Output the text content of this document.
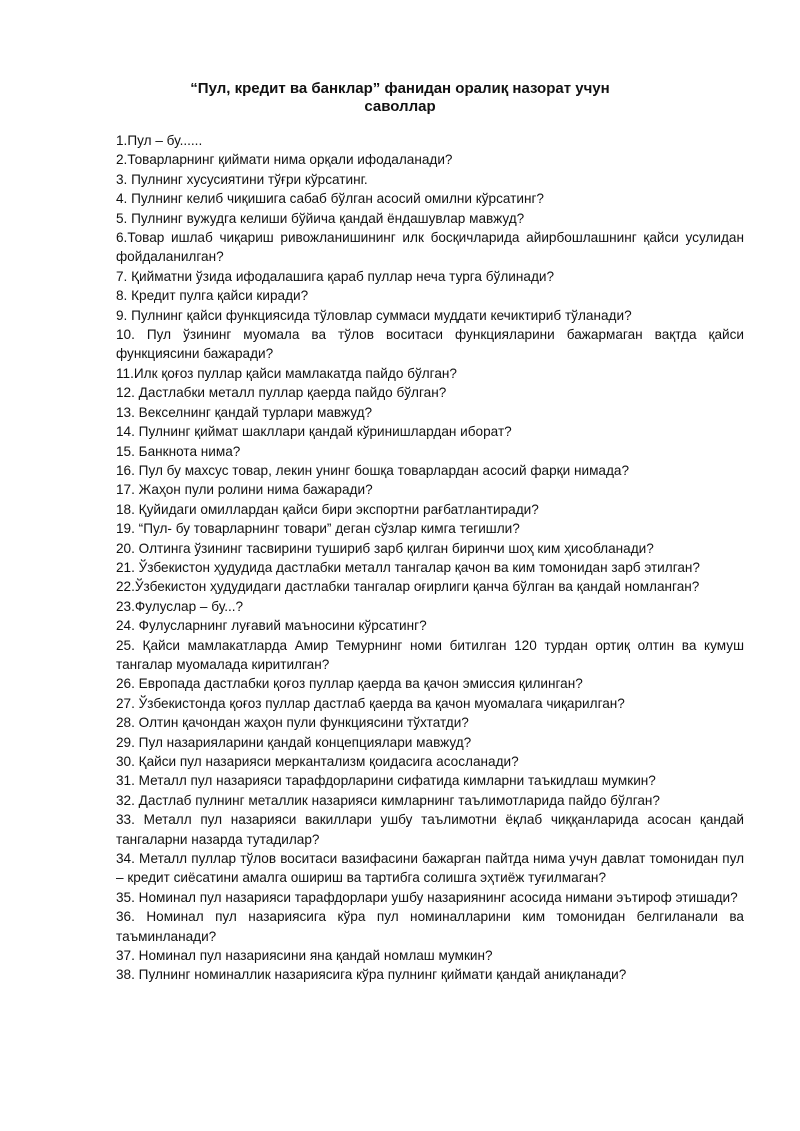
“Пул, кредит ва банклар” фанидан оралиқ назорат учун

саволлар

1.Пул – бу......

2.Товарларнинг қиймати нима орқали ифодаланади?

3. Пулнинг хусусиятини тўғри кўрсатинг.

4. Пулнинг келиб чиқишига сабаб бўлган асосий омилни кўрсатинг?

5. Пулнинг вужудга келиши бўйича қандай ёндашувлар мавжуд?

6.Товар ишлаб чиқариш ривожланишининг илк босқичларида айирбошлашнинг қайси усулидан фойдаланилган?

7. Қийматни ўзида ифодалашига қараб пуллар неча турга бўлинади?

8. Кредит пулга қайси киради?

9. Пулнинг қайси функциясида тўловлар суммаси муддати кечиктириб тўланади?

10. Пул ўзининг муомала ва тўлов воситаси функцияларини бажармаган вақтда қайси функциясини бажаради?

11.Илк қоғоз пуллар қайси мамлакатда пайдо бўлган?

12. Дастлабки металл пуллар қаерда пайдо бўлган?

13. Векселнинг қандай турлари мавжуд?

14. Пулнинг қиймат шакллари қандай кўринишлардан иборат?

15. Банкнота нима?

16. Пул бу махсус товар, лекин унинг бошқа товарлардан асосий фарқи нимада?

17. Жаҳон пули ролини нима бажаради?

18. Қуйидаги омиллардан қайси бири экспортни рағбатлантиради?

19. “Пул- бу товарларнинг товари” деган сўзлар кимга тегишли?

20. Олтинга ўзининг тасвирини тушириб зарб қилган биринчи шоҳ ким ҳисобланади?

21. Ўзбекистон ҳудудида дастлабки металл тангалар қачон ва ким томонидан зарб этилган?

22.Ўзбекистон ҳудудидаги дастлабки тангалар оғирлиги қанча бўлган ва қандай номланган?

23.Фулуслар – бу...?

24. Фулусларнинг луғавий маъносини кўрсатинг?

25. Қайси мамлакатларда Амир Темурнинг номи битилган 120 турдан ортиқ олтин ва кумуш тангалар муомалада киритилган?

26. Европада дастлабки қоғоз пуллар қаерда ва қачон эмиссия қилинган?

27. Ўзбекистонда қоғоз пуллар дастлаб қаерда ва қачон муомалага чиқарилган?

28. Олтин қачондан жаҳон пули функциясини тўхтатди?

29. Пул назарияларини қандай концепциялари мавжуд?

30. Қайси пул назарияси меркантализм қоидасига асосланади?

31. Металл пул назарияси тарафдорларини сифатида кимларни таъкидлаш мумкин?

32. Дастлаб пулнинг металлик назарияси кимларнинг таълимотларида пайдо бўлган?

33. Металл пул назарияси вакиллари ушбу таълимотни ёқлаб чиққанларида асосан қандай тангаларни назарда тутадилар?

34. Металл пуллар тўлов воситаси вазифасини бажарган пайтда нима учун давлат томонидан пул – кредит сиёсатини амалга ошириш ва тартибга солишга эҳтиёж туғилмаган?

35. Номинал пул назарияси тарафдорлари ушбу назариянинг асосида нимани эътироф этишади?

36. Номинал пул назариясига кўра пул номиналларини ким томонидан белгиланали ва таъминланади?

37. Номинал пул назариясини яна қандай номлаш мумкин?

38. Пулнинг номиналлик назариясига кўра пулнинг қиймати қандай аниқланади?
